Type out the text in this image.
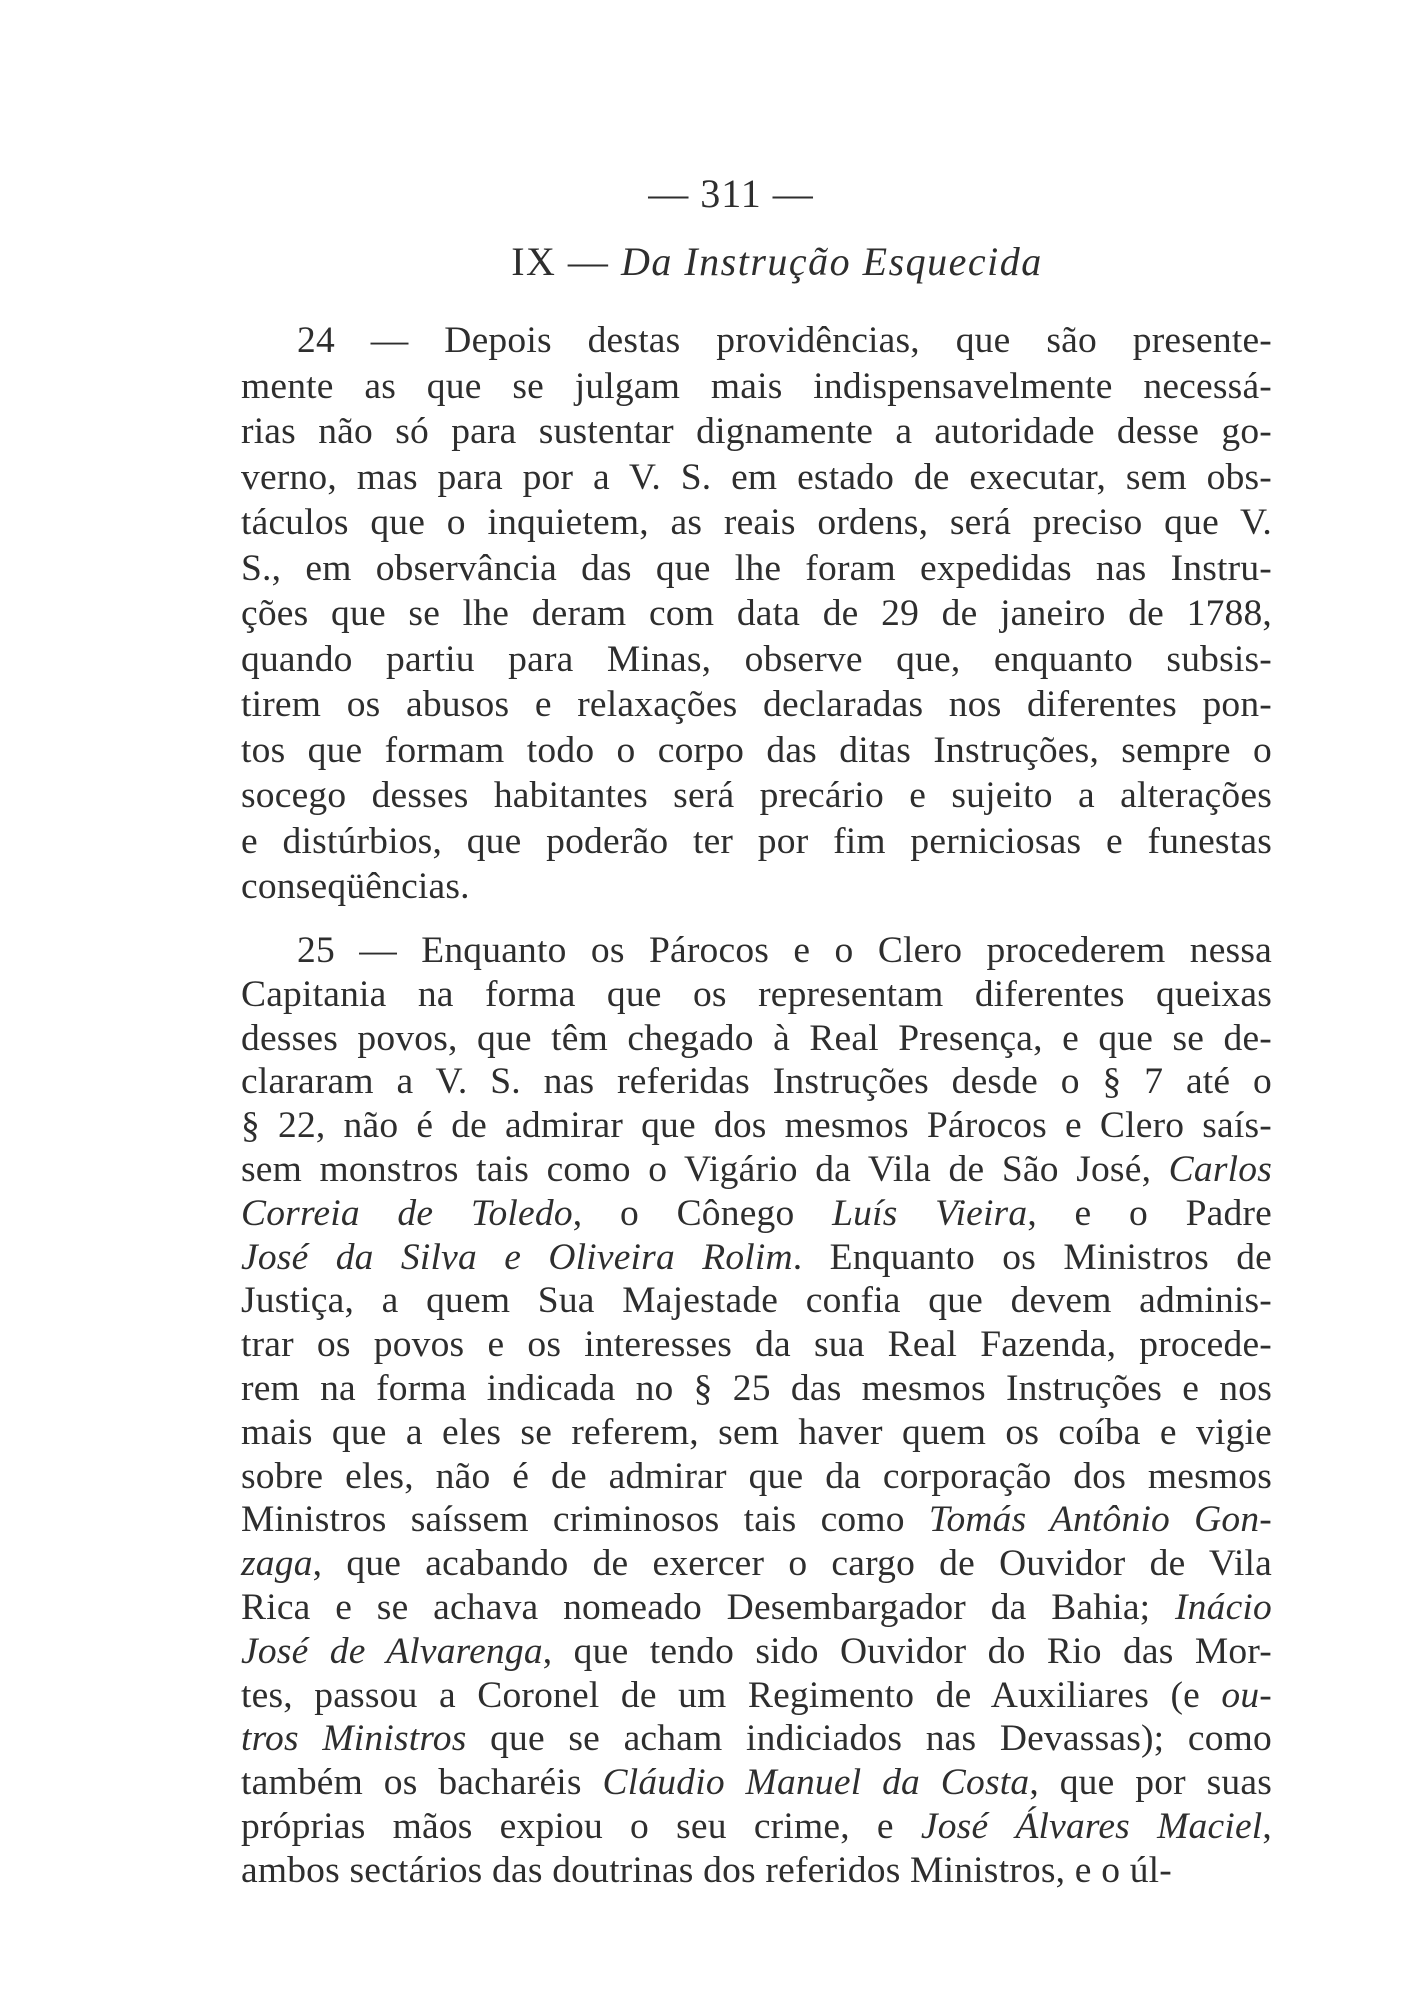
— 311 —
IX — Da Instrução Esquecida
24 — Depois destas providências, que são presente-
mente as que se julgam mais indispensavelmente necessá-
rias não só para sustentar dignamente a autoridade desse go-
verno, mas para por a V. S. em estado de executar, sem obs-
táculos que o inquietem, as reais ordens, será preciso que V.
S., em observância das que lhe foram expedidas nas Instru-
ções que se lhe deram com data de 29 de janeiro de 1788,
quando partiu para Minas, observe que, enquanto subsis-
tirem os abusos e relaxações declaradas nos diferentes pon-
tos que formam todo o corpo das ditas Instruções, sempre o
socego desses habitantes será precário e sujeito a alterações
e distúrbios, que poderão ter por fim perniciosas e funestas
conseqüências.
25 — Enquanto os Párocos e o Clero procederem nessa
Capitania na forma que os representam diferentes queixas
desses povos, que têm chegado à Real Presença, e que se de-
clararam a V. S. nas referidas Instruções desde o § 7 até o
§ 22, não é de admirar que dos mesmos Párocos e Clero saís-
sem monstros tais como o Vigário da Vila de São José, Carlos
Correia de Toledo, o Cônego Luís Vieira, e o Padre
José da Silva e Oliveira Rolim. Enquanto os Ministros de
Justiça, a quem Sua Majestade confia que devem adminis-
trar os povos e os interesses da sua Real Fazenda, procede-
rem na forma indicada no § 25 das mesmos Instruções e nos
mais que a eles se referem, sem haver quem os coíba e vigie
sobre eles, não é de admirar que da corporação dos mesmos
Ministros saíssem criminosos tais como Tomás Antônio Gon-
zaga, que acabando de exercer o cargo de Ouvidor de Vila
Rica e se achava nomeado Desembargador da Bahia; Inácio
José de Alvarenga, que tendo sido Ouvidor do Rio das Mor-
tes, passou a Coronel de um Regimento de Auxiliares (e ou-
tros Ministros que se acham indiciados nas Devassas); como
também os bacharéis Cláudio Manuel da Costa, que por suas
próprias mãos expiou o seu crime, e José Álvares Maciel,
ambos sectários das doutrinas dos referidos Ministros, e o úl-
